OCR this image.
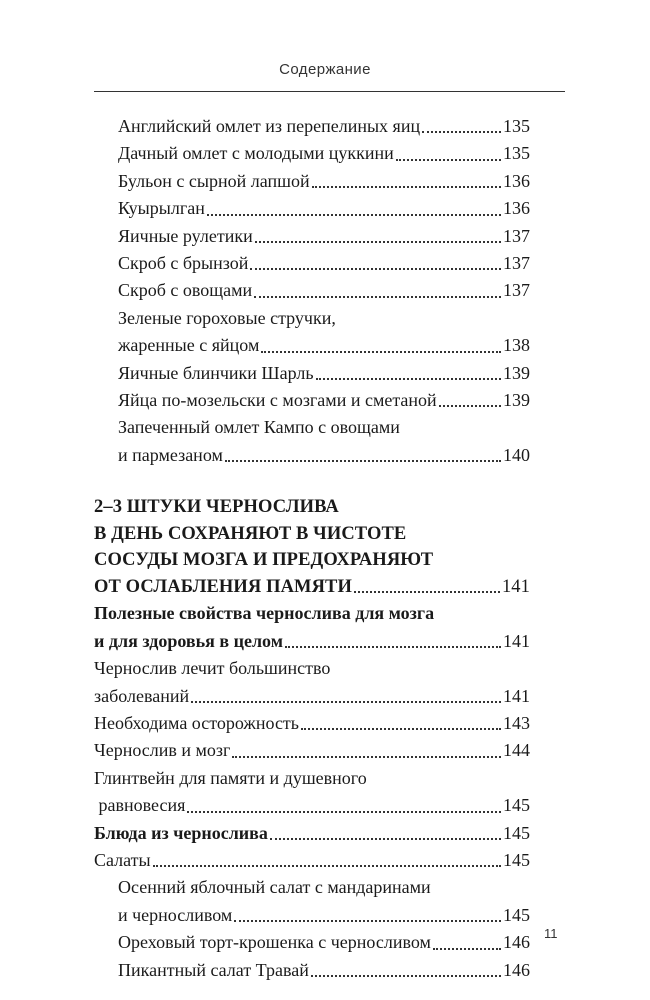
Содержание
Английский омлет из перепелиных яиц	135
Дачный омлет с молодыми цуккини	135
Бульон с сырной лапшой	136
Куырылган	136
Яичные рулетики	137
Скроб с брынзой	137
Скроб с овощами	137
Зеленые гороховые стручки,
жаренные с яйцом	138
Яичные блинчики Шарль	139
Яйца по-мозельски с мозгами и сметаной	139
Запеченный омлет Кампо с овощами
и пармезаном	140
2–3 ШТУКИ ЧЕРНОСЛИВА
В ДЕНЬ СОХРАНЯЮТ В ЧИСТОТЕ
СОСУДЫ МОЗГА И ПРЕДОХРАНЯЮТ
ОТ ОСЛАБЛЕНИЯ ПАМЯТИ	141
Полезные свойства чернослива для мозга
и для здоровья в целом	141
Чернослив лечит большинство
заболеваний	141
Необходима осторожность	143
Чернослив и мозг	144
Глинтвейн для памяти и душевного
равновесия	145
Блюда из чернослива	145
Салаты	145
Осенний яблочный салат с мандаринами
и черносливом	145
Ореховый торт-крошенка с черносливом	146
Пикантный салат Травай	146
11
